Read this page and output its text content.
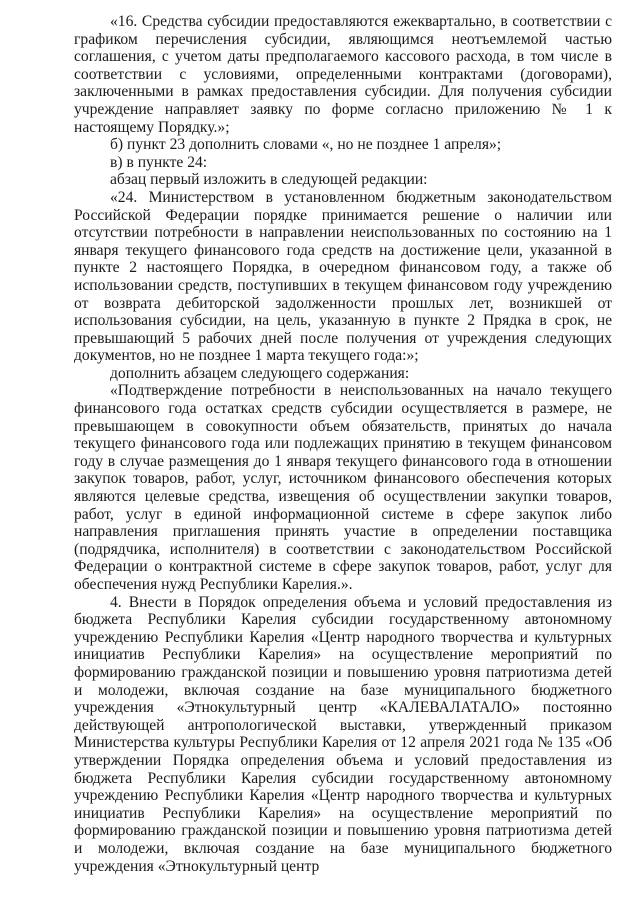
«16. Средства субсидии предоставляются ежеквартально, в соответствии с графиком перечисления субсидии, являющимся неотъемлемой частью соглашения, с учетом даты предполагаемого кассового расхода, в том числе в соответствии с условиями, определенными контрактами (договорами), заключенными в рамках предоставления субсидии. Для получения субсидии учреждение направляет заявку по форме согласно приложению № 1 к настоящему Порядку.»;

б) пункт 23 дополнить словами «, но не позднее 1 апреля»;

в) в пункте 24:

абзац первый изложить в следующей редакции:

«24. Министерством в установленном бюджетным законодательством Российской Федерации порядке принимается решение о наличии или отсутствии потребности в направлении неиспользованных по состоянию на 1 января текущего финансового года средств на достижение цели, указанной в пункте 2 настоящего Порядка, в очередном финансовом году, а также об использовании средств, поступивших в текущем финансовом году учреждению от возврата дебиторской задолженности прошлых лет, возникшей от использования субсидии, на цель, указанную в пункте 2 Прядка в срок, не превышающий 5 рабочих дней после получения от учреждения следующих документов, но не позднее 1 марта текущего года:»;

дополнить абзацем следующего содержания:

«Подтверждение потребности в неиспользованных на начало текущего финансового года остатках средств субсидии осуществляется в размере, не превышающем в совокупности объем обязательств, принятых до начала текущего финансового года или подлежащих принятию в текущем финансовом году в случае размещения до 1 января текущего финансового года в отношении закупок товаров, работ, услуг, источником финансового обеспечения которых являются целевые средства, извещения об осуществлении закупки товаров, работ, услуг в единой информационной системе в сфере закупок либо направления приглашения принять участие в определении поставщика (подрядчика, исполнителя) в соответствии с законодательством Российской Федерации о контрактной системе в сфере закупок товаров, работ, услуг для обеспечения нужд Республики Карелия.».

4. Внести в Порядок определения объема и условий предоставления из бюджета Республики Карелия субсидии государственному автономному учреждению Республики Карелия «Центр народного творчества и культурных инициатив Республики Карелия» на осуществление мероприятий по формированию гражданской позиции и повышению уровня патриотизма детей и молодежи, включая создание на базе муниципального бюджетного учреждения «Этнокультурный центр «КАЛЕВАЛАТАЛО» постоянно действующей антропологической выставки, утвержденный приказом Министерства культуры Республики Карелия от 12 апреля 2021 года № 135 «Об утверждении Порядка определения объема и условий предоставления из бюджета Республики Карелия субсидии государственному автономному учреждению Республики Карелия «Центр народного творчества и культурных инициатив Республики Карелия» на осуществление мероприятий по формированию гражданской позиции и повышению уровня патриотизма детей и молодежи, включая создание на базе муниципального бюджетного учреждения «Этнокультурный центр
